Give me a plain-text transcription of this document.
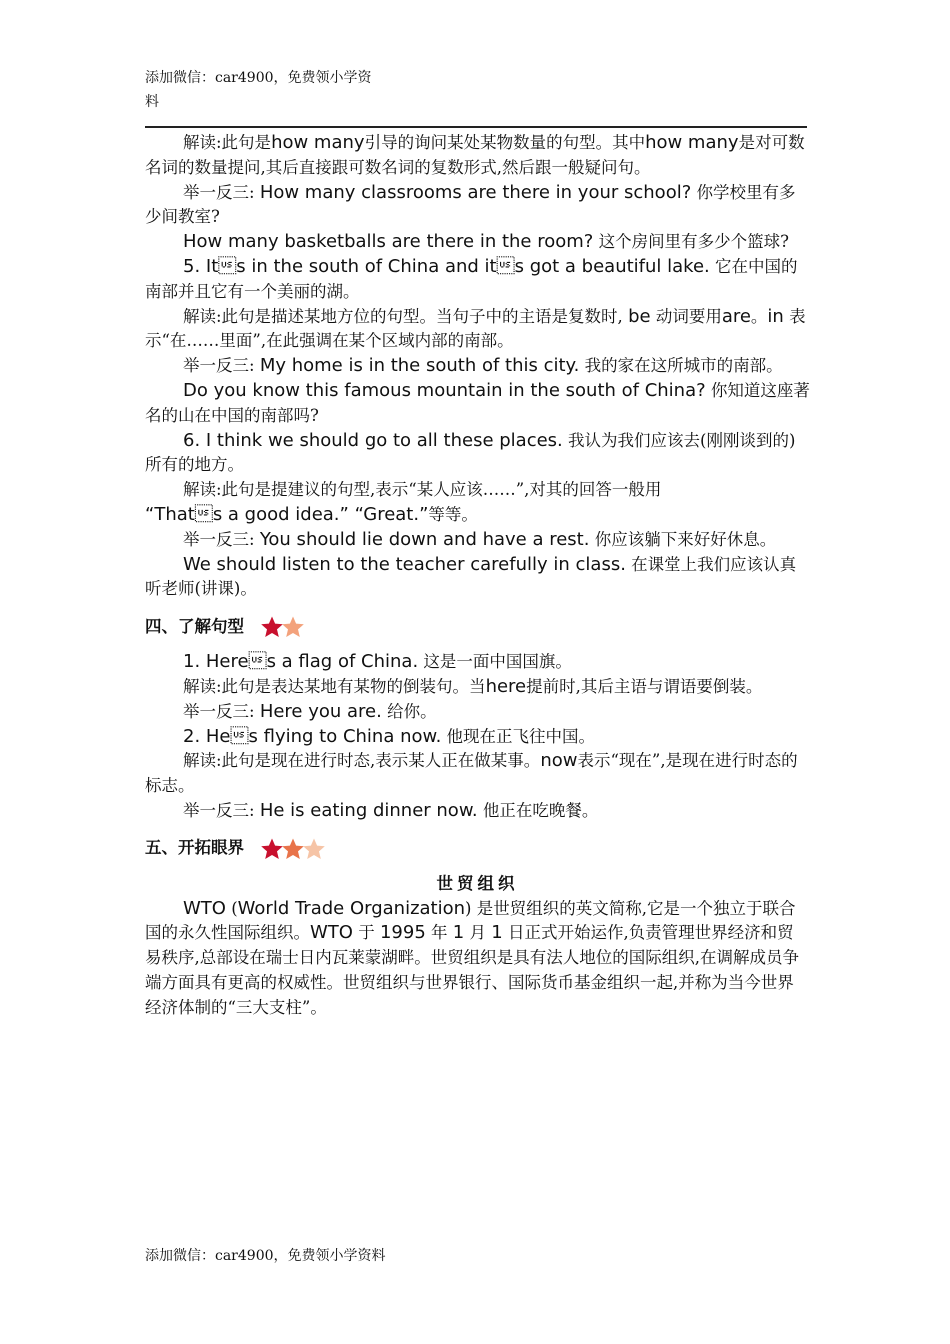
添加微信：car4900，免费领小学资
料

解读:此句是how many引导的询问某处某物数量的句型。其中how many是对可数名词的数量提问,其后直接跟可数名词的复数形式,然后跟一般疑问句。

举一反三: How many classrooms are there in your school? 你学校里有多少间教室?

How many basketballs are there in the room? 这个房间里有多少个篮球?

5. Its in the south of China and its got a beautiful lake. 它在中国的南部并且它有一个美丽的湖。

解读:此句是描述某地方位的句型。当句子中的主语是复数时, be 动词要用are。in 表示“在……里面”,在此强调在某个区域内部的南部。

举一反三: My home is in the south of this city. 我的家在这所城市的南部。

Do you know this famous mountain in the south of China? 你知道这座著名的山在中国的南部吗?

6. I think we should go to all these places. 我认为我们应该去(刚刚谈到的)所有的地方。

解读:此句是提建议的句型,表示“某人应该……”,对其的回答一般用
“Thats a good idea.” “Great.”等等。

举一反三: You should lie down and have a rest. 你应该躺下来好好休息。

We should listen to the teacher carefully in class. 在课堂上我们应该认真听老师(讲课)。

四、了解句型

1. Heres a flag of China. 这是一面中国国旗。

解读:此句是表达某地有某物的倒装句。当here提前时,其后主语与谓语要倒装。

举一反三: Here you are. 给你。

2. Hes flying to China now. 他现在正飞往中国。

解读:此句是现在进行时态,表示某人正在做某事。now表示“现在”,是现在进行时态的标志。

举一反三: He is eating dinner now. 他正在吃晚餐。

五、开拓眼界

世贸组织

WTO (World Trade Organization) 是世贸组织的英文简称,它是一个独立于联合国的永久性国际组织。WTO 于 1995 年 1 月 1 日正式开始运作,负责管理世界经济和贸易秩序,总部设在瑞士日内瓦莱蒙湖畔。世贸组织是具有法人地位的国际组织,在调解成员争端方面具有更高的权威性。世贸组织与世界银行、国际货币基金组织一起,并称为当今世界经济体制的“三大支柱”。

添加微信：car4900，免费领小学资料
